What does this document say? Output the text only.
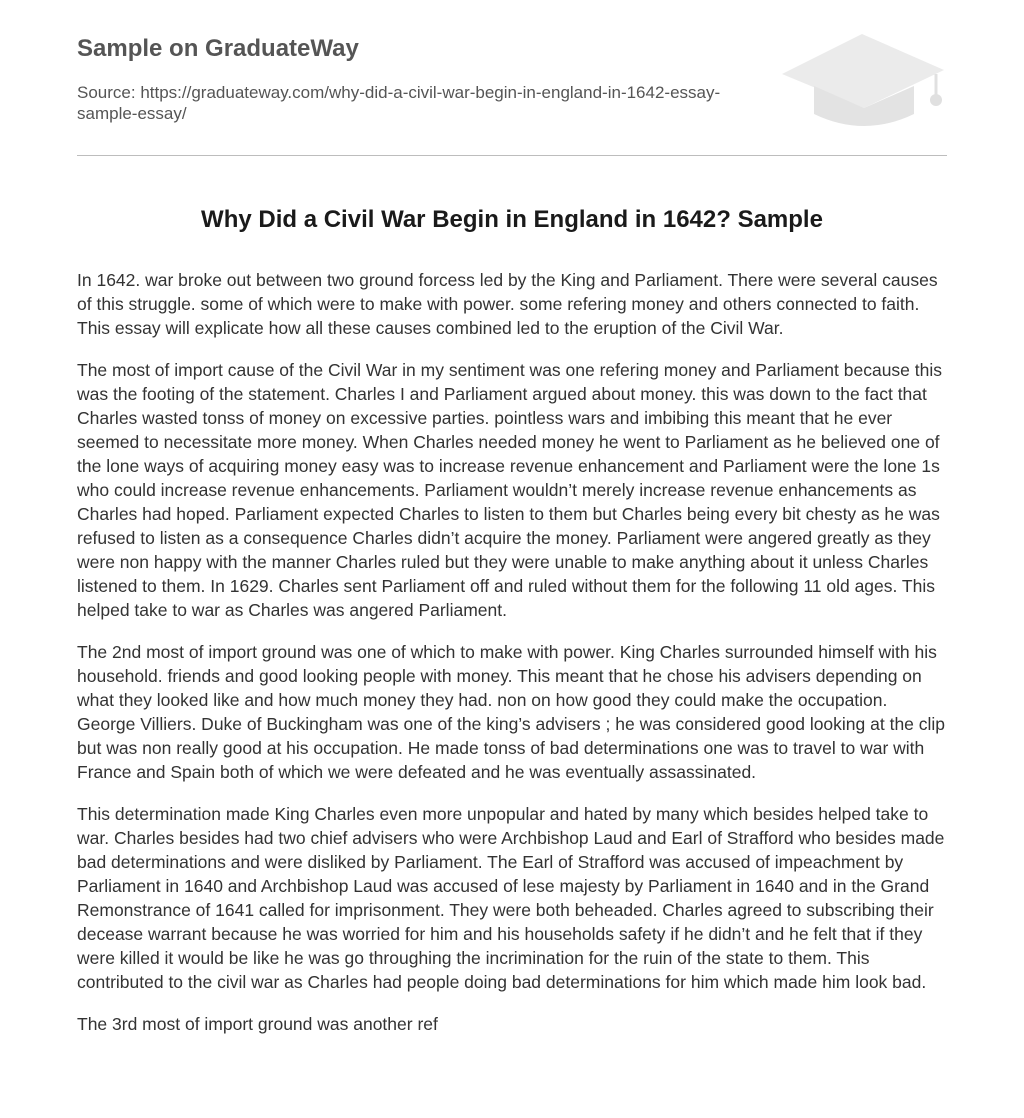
Sample on GraduateWay
Source: https://graduateway.com/why-did-a-civil-war-begin-in-england-in-1642-essay-sample-essay/
Why Did a Civil War Begin in England in 1642? Sample

In 1642. war broke out between two ground forcess led by the King and Parliament. There were several causes of this struggle. some of which were to make with power. some refering money and others connected to faith. This essay will explicate how all these causes combined led to the eruption of the Civil War.

The most of import cause of the Civil War in my sentiment was one refering money and Parliament because this was the footing of the statement. Charles I and Parliament argued about money. this was down to the fact that Charles wasted tonss of money on excessive parties. pointless wars and imbibing this meant that he ever seemed to necessitate more money. When Charles needed money he went to Parliament as he believed one of the lone ways of acquiring money easy was to increase revenue enhancement and Parliament were the lone 1s who could increase revenue enhancements. Parliament wouldn’t merely increase revenue enhancements as Charles had hoped. Parliament expected Charles to listen to them but Charles being every bit chesty as he was refused to listen as a consequence Charles didn’t acquire the money. Parliament were angered greatly as they were non happy with the manner Charles ruled but they were unable to make anything about it unless Charles listened to them. In 1629. Charles sent Parliament off and ruled without them for the following 11 old ages. This helped take to war as Charles was angered Parliament.

The 2nd most of import ground was one of which to make with power. King Charles surrounded himself with his household. friends and good looking people with money. This meant that he chose his advisers depending on what they looked like and how much money they had. non on how good they could make the occupation. George Villiers. Duke of Buckingham was one of the king’s advisers ; he was considered good looking at the clip but was non really good at his occupation. He made tonss of bad determinations one was to travel to war with France and Spain both of which we were defeated and he was eventually assassinated.

This determination made King Charles even more unpopular and hated by many which besides helped take to war. Charles besides had two chief advisers who were Archbishop Laud and Earl of Strafford who besides made bad determinations and were disliked by Parliament. The Earl of Strafford was accused of impeachment by Parliament in 1640 and Archbishop Laud was accused of lese majesty by Parliament in 1640 and in the Grand Remonstrance of 1641 called for imprisonment. They were both beheaded. Charles agreed to subscribing their decease warrant because he was worried for him and his households safety if he didn’t and he felt that if they were killed it would be like he was go throughing the incrimination for the ruin of the state to them. This contributed to the civil war as Charles had people doing bad determinations for him which made him look bad.

The 3rd most of import ground was another ref
